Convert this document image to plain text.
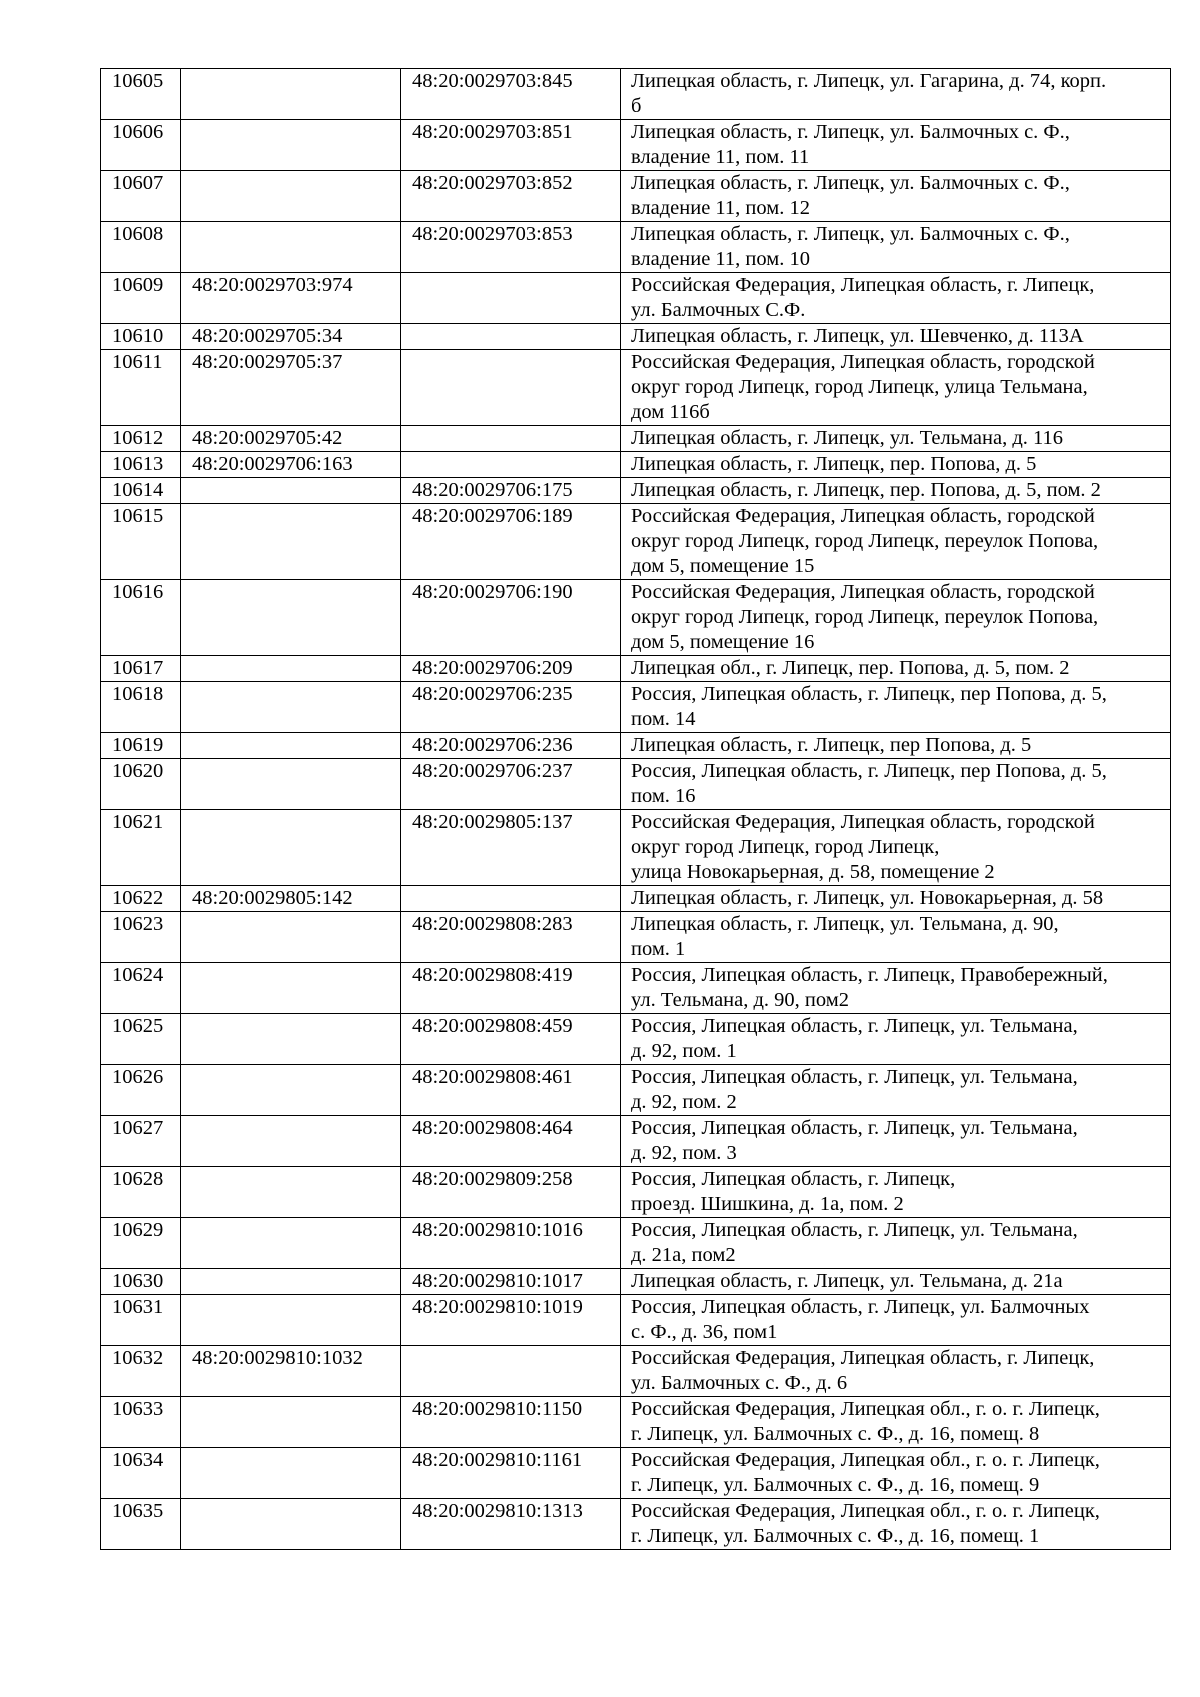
10605		48:20:0029703:845	Липецкая область, г. Липецк, ул. Гагарина, д. 74, корп.
б

10606		48:20:0029703:851	Липецкая область, г. Липецк, ул. Балмочных с. Ф.,
владение 11, пом. 11

10607		48:20:0029703:852	Липецкая область, г. Липецк, ул. Балмочных с. Ф.,
владение 11, пом. 12

10608		48:20:0029703:853	Липецкая область, г. Липецк, ул. Балмочных с. Ф.,
владение 11, пом. 10

10609	48:20:0029703:974		Российская Федерация, Липецкая область, г. Липецк,
ул. Балмочных С.Ф.

10610	48:20:0029705:34		Липецкая область, г. Липецк, ул. Шевченко, д. 113А

10611	48:20:0029705:37		Российская Федерация, Липецкая область, городской
округ город Липецк, город Липецк, улица Тельмана,
дом 116б

10612	48:20:0029705:42		Липецкая область, г. Липецк, ул. Тельмана, д. 116

10613	48:20:0029706:163		Липецкая область, г. Липецк, пер. Попова, д. 5

10614		48:20:0029706:175	Липецкая область, г. Липецк, пер. Попова, д. 5, пом. 2

10615		48:20:0029706:189	Российская Федерация, Липецкая область, городской
округ город Липецк, город Липецк, переулок Попова,
дом 5, помещение 15

10616		48:20:0029706:190	Российская Федерация, Липецкая область, городской
округ город Липецк, город Липецк, переулок Попова,
дом 5, помещение 16

10617		48:20:0029706:209	Липецкая обл., г. Липецк, пер. Попова, д. 5, пом. 2

10618		48:20:0029706:235	Россия, Липецкая область, г. Липецк, пер Попова, д. 5,
пом. 14

10619		48:20:0029706:236	Липецкая область, г. Липецк, пер Попова, д. 5

10620		48:20:0029706:237	Россия, Липецкая область, г. Липецк, пер Попова, д. 5,
пом. 16

10621		48:20:0029805:137	Российская Федерация, Липецкая область, городской
округ город Липецк, город Липецк,
улица Новокарьерная, д. 58, помещение 2

10622	48:20:0029805:142		Липецкая область, г. Липецк, ул. Новокарьерная, д. 58

10623		48:20:0029808:283	Липецкая область, г. Липецк, ул. Тельмана, д. 90,
пом. 1

10624		48:20:0029808:419	Россия, Липецкая область, г. Липецк, Правобережный,
ул. Тельмана, д. 90, пом2

10625		48:20:0029808:459	Россия, Липецкая область, г. Липецк, ул. Тельмана,
д. 92, пом. 1

10626		48:20:0029808:461	Россия, Липецкая область, г. Липецк, ул. Тельмана,
д. 92, пом. 2

10627		48:20:0029808:464	Россия, Липецкая область, г. Липецк, ул. Тельмана,
д. 92, пом. 3

10628		48:20:0029809:258	Россия, Липецкая область, г. Липецк,
проезд. Шишкина, д. 1а, пом. 2

10629		48:20:0029810:1016	Россия, Липецкая область, г. Липецк, ул. Тельмана,
д. 21а, пом2

10630		48:20:0029810:1017	Липецкая область, г. Липецк, ул. Тельмана, д. 21а

10631		48:20:0029810:1019	Россия, Липецкая область, г. Липецк, ул. Балмочных
с. Ф., д. 36, пом1

10632	48:20:0029810:1032		Российская Федерация, Липецкая область, г. Липецк,
ул. Балмочных с. Ф., д. 6

10633		48:20:0029810:1150	Российская Федерация, Липецкая обл., г. о. г. Липецк,
г. Липецк, ул. Балмочных с. Ф., д. 16, помещ. 8

10634		48:20:0029810:1161	Российская Федерация, Липецкая обл., г. о. г. Липецк,
г. Липецк, ул. Балмочных с. Ф., д. 16, помещ. 9

10635		48:20:0029810:1313	Российская Федерация, Липецкая обл., г. о. г. Липецк,
г. Липецк, ул. Балмочных с. Ф., д. 16, помещ. 1
